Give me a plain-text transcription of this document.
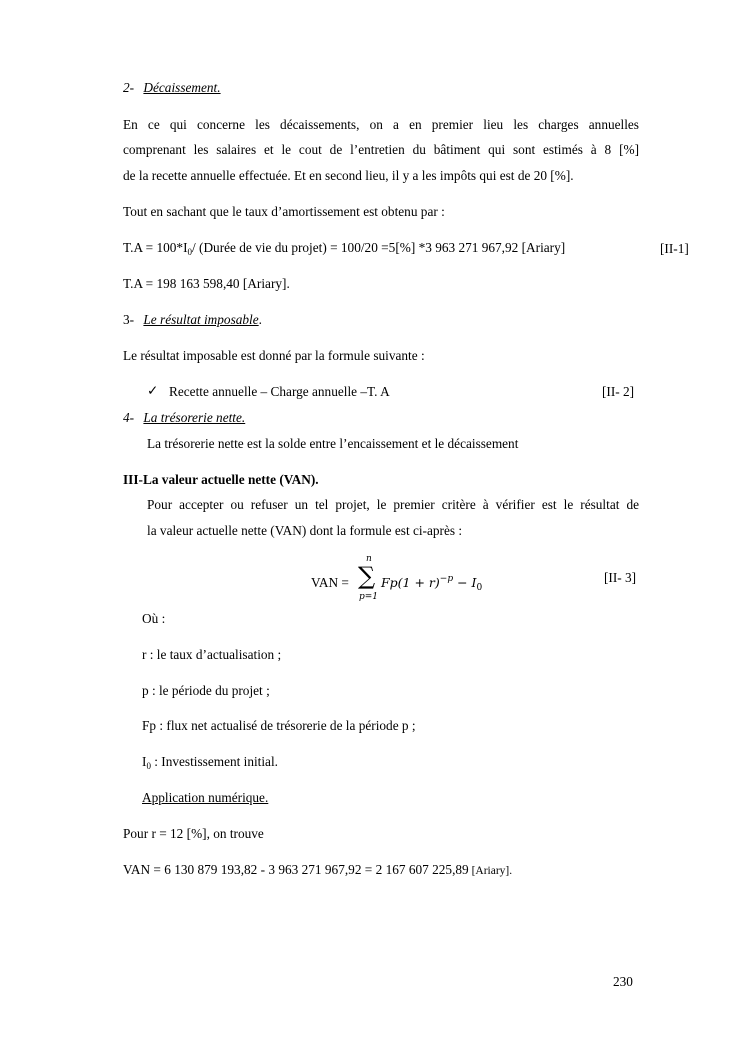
2- Décaissement.
En ce qui concerne les décaissements, on a en premier lieu les charges annuelles
comprenant les salaires et le cout de l’entretien du bâtiment qui sont estimés à 8 [%]
de la recette annuelle effectuée. Et en second lieu, il y a les impôts qui est de 20 [%].
Tout en sachant que le taux d’amortissement est obtenu par :
$T.A = 100*I_0/$ (Durée de vie du projet) = 100/20 =5[%] *3 963 271 967,92 [Ariary]	[II-1]
T.A = 198 163 598,40 [Ariary].
3- Le résultat imposable.
Le résultat imposable est donné par la formule suivante :
✓ Recette annuelle – Charge annuelle –T. A	[II- 2]
4- La trésorerie nette.
La trésorerie nette est la solde entre l’encaissement et le décaissement
III-La valeur actuelle nette (VAN).
Pour accepter ou refuser un tel projet, le premier critère à vérifier est le résultat de
la valeur actuelle nette (VAN) dont la formule est ci-après :
VAN =
n
∑
p=1
$Fp(1 + r)^{-p} - I_0$
[II- 3]
Où :
r : le taux d’actualisation ;
p : le période du projet ;
Fp : flux net actualisé de trésorerie de la période p ;
$I_0$ : Investissement initial.
Application numérique.
Pour r = 12 [%], on trouve
VAN = 6 130 879 193,82 - 3 963 271 967,92 = 2 167 607 225,89 [Ariary].
230
